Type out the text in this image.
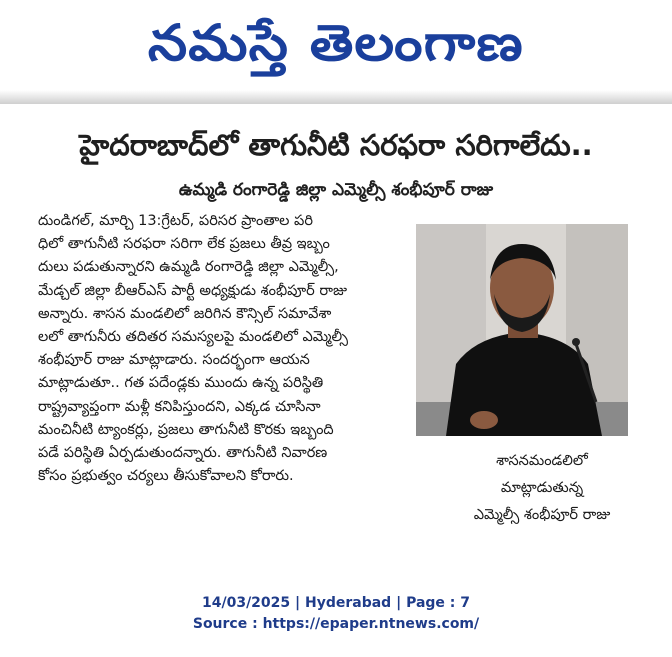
నమస్తే తెలంగాణ
హైదరాబాద్‌లో తాగునీటి సరఫరా సరిగాలేదు..
ఉమ్మడి రంగారెడ్డి జిల్లా ఎమ్మెల్సీ శంభీపూర్ రాజు
దుండిగల్, మార్చి 13:గ్రేటర్, పరిసర ప్రాంతాల పరి
ధిలో తాగునీటి సరఫరా సరిగా లేక ప్రజలు తీవ్ర ఇబ్బం
దులు పడుతున్నారని ఉమ్మడి రంగారెడ్డి జిల్లా ఎమ్మెల్సీ,
మేడ్చల్ జిల్లా బీఆర్‌ఎస్ పార్టీ అధ్యక్షుడు శంభీపూర్ రాజు
అన్నారు. శాసన మండలిలో జరిగిన కౌన్సిల్ సమావేశా
లలో తాగునీరు తదితర సమస్యలపై మండలిలో ఎమ్మెల్సీ
శంభీపూర్ రాజు మాట్లాడారు. సందర్భంగా ఆయన
మాట్లాడుతూ.. గత పదేండ్లకు ముందు ఉన్న పరిస్థితి
రాష్ట్రవ్యాప్తంగా మళ్లీ కనిపిస్తుందని, ఎక్కడ చూసినా
మంచినీటి ట్యాంకర్లు, ప్రజలు తాగునీటి కొరకు ఇబ్బంది
పడే పరిస్థితి ఏర్పడుతుందన్నారు. తాగునీటి నివారణ
కోసం ప్రభుత్వం చర్యలు తీసుకోవాలని కోరారు.
శాసనమండలిలో
మాట్లాడుతున్న
ఎమ్మెల్సీ శంభీపూర్ రాజు
14/03/2025 | Hyderabad | Page : 7
Source : https://epaper.ntnews.com/
